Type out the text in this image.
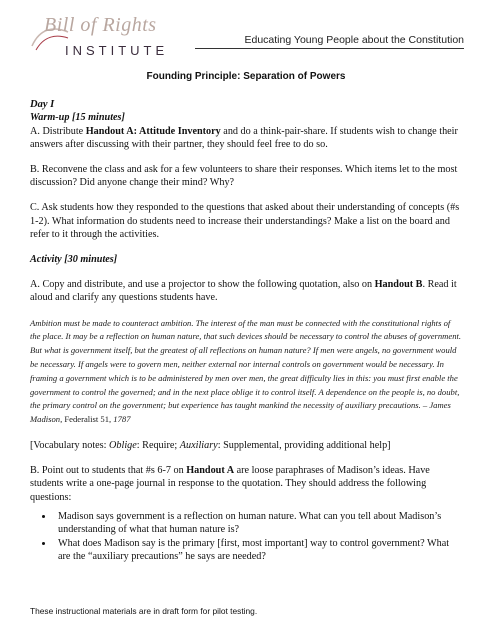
Bill of Rights
INSTITUTE
Educating Young People about the Constitution
Founding Principle: Separation of Powers
Day I
Warm-up [15 minutes]

A. Distribute Handout A: Attitude Inventory and do a think-pair-share. If students wish to change their answers after discussing with their partner, they should feel free to do so.

B. Reconvene the class and ask for a few volunteers to share their responses. Which items let to the most discussion? Did anyone change their mind? Why?

C. Ask students how they responded to the questions that asked about their understanding of concepts (#s 1-2). What information do students need to increase their understandings? Make a list on the board and refer to it through the activities.

Activity [30 minutes]

A. Copy and distribute, and use a projector to show the following quotation, also on Handout B. Read it aloud and clarify any questions students have.

Ambition must be made to counteract ambition. The interest of the man must be connected with the constitutional rights of the place. It may be a reflection on human nature, that such devices should be necessary to control the abuses of government. But what is government itself, but the greatest of all reflections on human nature? If men were angels, no government would be necessary. If angels were to govern men, neither external nor internal controls on government would be necessary. In framing a government which is to be administered by men over men, the great difficulty lies in this: you must first enable the government to control the governed; and in the next place oblige it to control itself. A dependence on the people is, no doubt, the primary control on the government; but experience has taught mankind the necessity of auxiliary precautions. – James Madison, Federalist 51, 1787

[Vocabulary notes: Oblige: Require; Auxiliary: Supplemental, providing additional help]

B. Point out to students that #s 6-7 on Handout A are loose paraphrases of Madison’s ideas. Have students write a one-page journal in response to the quotation. They should address the following questions:

• Madison says government is a reflection on human nature. What can you tell about Madison’s understanding of what that human nature is?
• What does Madison say is the primary [first, most important] way to control government? What are the “auxiliary precautions” he says are needed?
These instructional materials are in draft form for pilot testing.
